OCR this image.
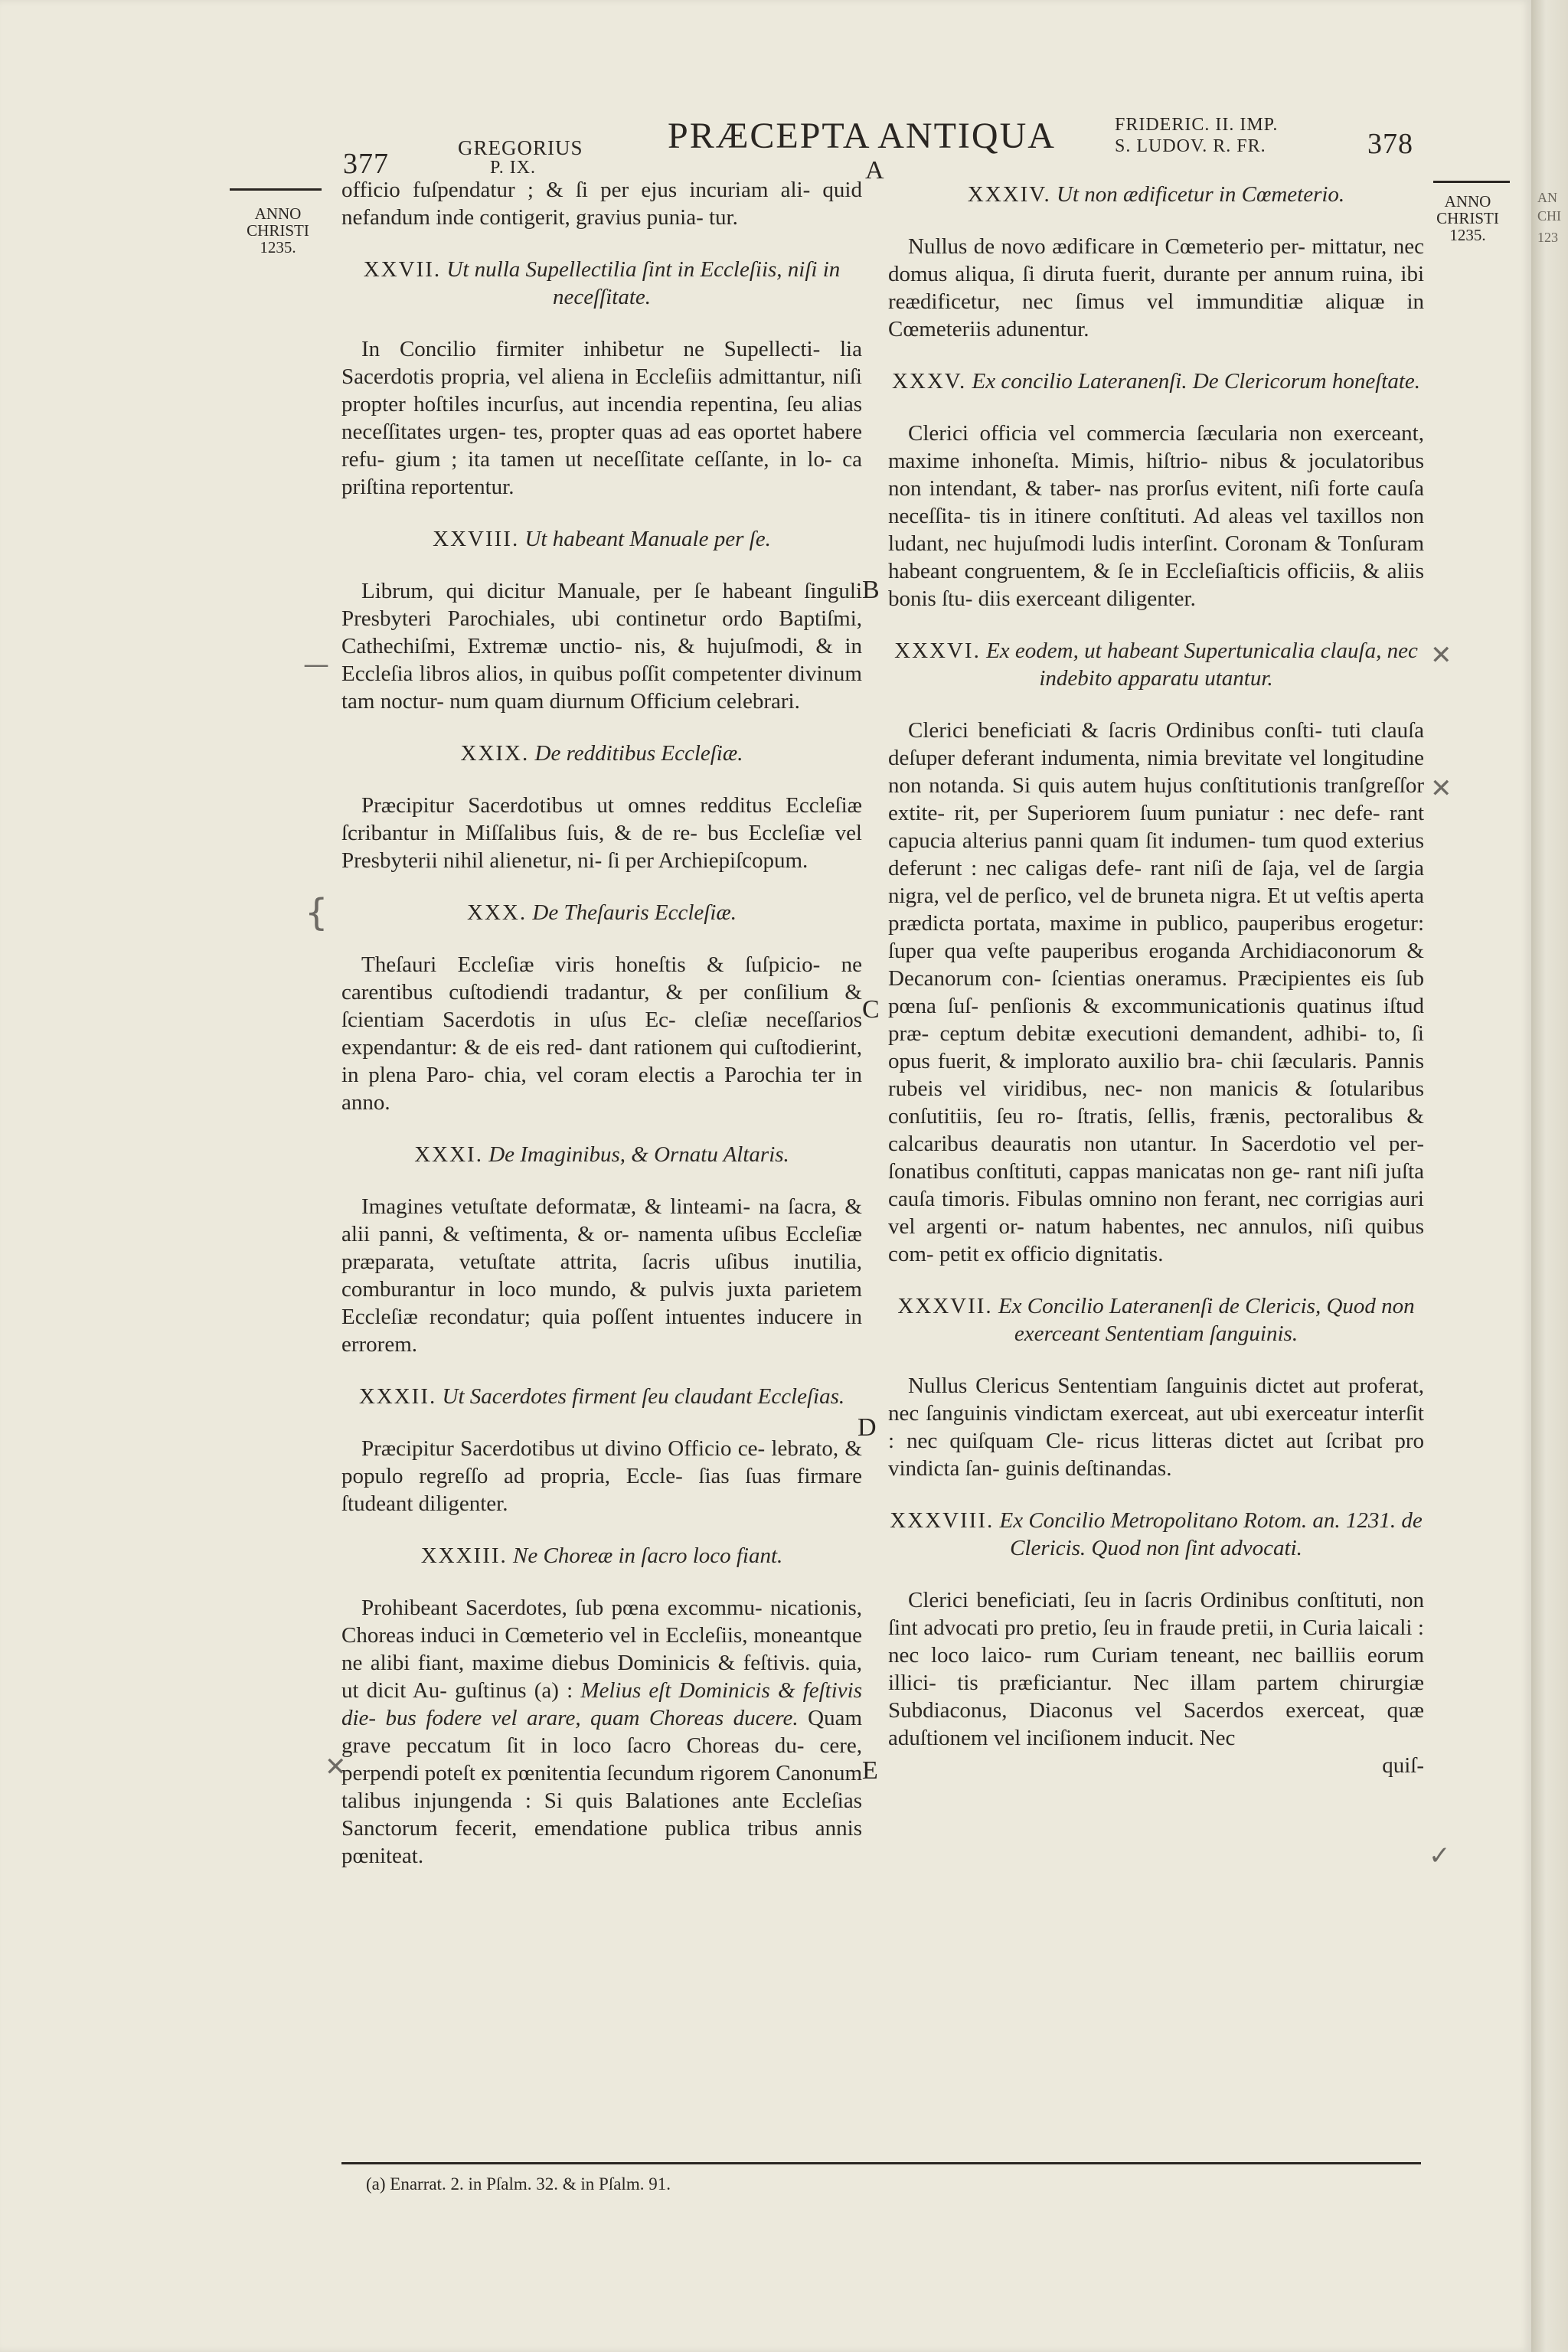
377	GREGORIUS
P. IX.
PRÆCEPTA ANTIQUA	FRIDERIC. II. IMP.
S. LUDOV. R. FR.	378
ANNO
CHRISTI
1235.
ANNO
CHRISTI
1235.
A
B
C
D
E
—
{
✕
✕
✕
✓

officio fuſpendatur ; & ſi per ejus incuriam ali- quid nefandum inde contigerit, gravius punia- tur.

XXVII. Ut nulla Supellectilia ſint in Eccleſiis, niſi in neceſſitate.

In Concilio firmiter inhibetur ne Supellecti- lia Sacerdotis propria, vel aliena in Eccleſiis admittantur, niſi propter hoſtiles incurſus, aut incendia repentina, ſeu alias neceſſitates urgen- tes, propter quas ad eas oportet habere refu- gium ; ita tamen ut neceſſitate ceſſante, in lo- ca priſtina reportentur.

XXVIII. Ut habeant Manuale per ſe.

Librum, qui dicitur Manuale, per ſe habeant ſinguli Presbyteri Parochiales, ubi continetur ordo Baptiſmi, Cathechiſmi, Extremæ unctio- nis, & hujuſmodi, & in Eccleſia libros alios, in quibus poſſit competenter divinum tam noctur- num quam diurnum Officium celebrari.

XXIX. De redditibus Eccleſiæ.

Præcipitur Sacerdotibus ut omnes redditus Eccleſiæ ſcribantur in Miſſalibus ſuis, & de re- bus Eccleſiæ vel Presbyterii nihil alienetur, ni- ſi per Archiepiſcopum.

XXX. De Theſauris Eccleſiæ.

Theſauri Eccleſiæ viris honeſtis & ſuſpicio- ne carentibus cuſtodiendi tradantur, & per conſilium & ſcientiam Sacerdotis in uſus Ec- cleſiæ neceſſarios expendantur: & de eis red- dant rationem qui cuſtodierint, in plena Paro- chia, vel coram electis a Parochia ter in anno.

XXXI. De Imaginibus, & Ornatu Altaris.

Imagines vetuſtate deformatæ, & linteami- na ſacra, & alii panni, & veſtimenta, & or- namenta uſibus Eccleſiæ præparata, vetuſtate attrita, ſacris uſibus inutilia, comburantur in loco mundo, & pulvis juxta parietem Eccleſiæ recondatur; quia poſſent intuentes inducere in errorem.

XXXII. Ut Sacerdotes firment ſeu claudant Eccleſias.

Præcipitur Sacerdotibus ut divino Officio ce- lebrato, & populo regreſſo ad propria, Eccle- ſias ſuas firmare ſtudeant diligenter.

XXXIII. Ne Choreæ in ſacro loco fiant.

Prohibeant Sacerdotes, ſub pœna excommu- nicationis, Choreas induci in Cœmeterio vel in Eccleſiis, moneantque ne alibi fiant, maxime diebus Dominicis & feſtivis. quia, ut dicit Au- guſtinus (a) : Melius eſt Dominicis & feſtivis die- bus fodere vel arare, quam Choreas ducere. Quam grave peccatum ſit in loco ſacro Choreas du- cere, perpendi poteſt ex pœnitentia ſecundum rigorem Canonum talibus injungenda : Si quis Balationes ante Eccleſias Sanctorum fecerit, emendatione publica tribus annis pœniteat.

XXXIV. Ut non ædificetur in Cœmeterio.

Nullus de novo ædificare in Cœmeterio per- mittatur, nec domus aliqua, ſi diruta fuerit, durante per annum ruina, ibi reædificetur, nec ſimus vel immunditiæ aliquæ in Cœmeteriis adunentur.

XXXV. Ex concilio Lateranenſi. De Clericorum honeſtate.

Clerici officia vel commercia ſæcularia non exerceant, maxime inhoneſta. Mimis, hiſtrio- nibus & joculatoribus non intendant, & taber- nas prorſus evitent, niſi forte cauſa neceſſita- tis in itinere conſtituti. Ad aleas vel taxillos non ludant, nec hujuſmodi ludis interſint. Coronam & Tonſuram habeant congruentem, & ſe in Eccleſiaſticis officiis, & aliis bonis ſtu- diis exerceant diligenter.

XXXVI. Ex eodem, ut habeant Supertunicalia clauſa, nec indebito apparatu utantur.

Clerici beneficiati & ſacris Ordinibus conſti- tuti clauſa deſuper deferant indumenta, nimia brevitate vel longitudine non notanda. Si quis autem hujus conſtitutionis tranſgreſſor extite- rit, per Superiorem ſuum puniatur : nec defe- rant capucia alterius panni quam ſit indumen- tum quod exterius deferunt : nec caligas defe- rant niſi de ſaja, vel de ſargia nigra, vel de perſico, vel de bruneta nigra. Et ut veſtis aperta prædicta portata, maxime in publico, pauperibus erogetur: ſuper qua veſte pauperibus eroganda Archidiaconorum & Decanorum con- ſcientias oneramus. Præcipientes eis ſub pœna ſuſ- penſionis & excommunicationis quatinus iſtud præ- ceptum debitæ executioni demandent, adhibi- to, ſi opus fuerit, & implorato auxilio bra- chii ſæcularis. Pannis rubeis vel viridibus, nec- non manicis & ſotularibus conſutitiis, ſeu ro- ſtratis, ſellis, frænis, pectoralibus & calcaribus deauratis non utantur. In Sacerdotio vel per- ſonatibus conſtituti, cappas manicatas non ge- rant niſi juſta cauſa timoris. Fibulas omnino non ferant, nec corrigias auri vel argenti or- natum habentes, nec annulos, niſi quibus com- petit ex officio dignitatis.

XXXVII. Ex Concilio Lateranenſi de Clericis, Quod non exerceant Sententiam ſanguinis.

Nullus Clericus Sententiam ſanguinis dictet aut proferat, nec ſanguinis vindictam exerceat, aut ubi exerceatur interſit : nec quiſquam Cle- ricus litteras dictet aut ſcribat pro vindicta ſan- guinis deſtinandas.

XXXVIII. Ex Concilio Metropolitano Rotom. an. 1231. de Clericis. Quod non ſint advocati.

Clerici beneficiati, ſeu in ſacris Ordinibus conſtituti, non ſint advocati pro pretio, ſeu in fraude pretii, in Curia laicali : nec loco laico- rum Curiam teneant, nec bailliis eorum illici- tis præficiantur. Nec illam partem chirurgiæ Subdiaconus, Diaconus vel Sacerdos exerceat, quæ aduſtionem vel inciſionem inducit. Nec

quiſ-
(a) Enarrat. 2. in Pſalm. 32. & in Pſalm. 91.
AN
CHI
123
